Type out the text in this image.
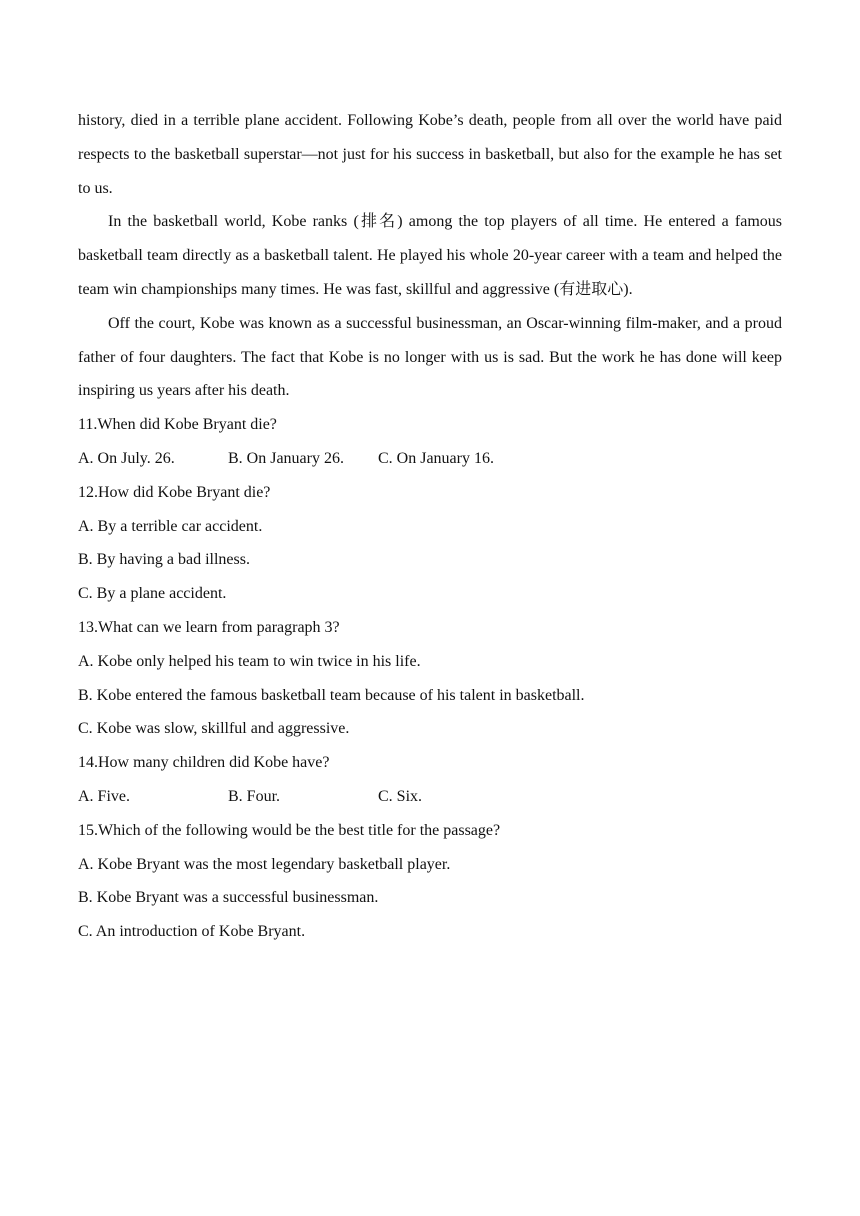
history, died in a terrible plane accident. Following Kobe’s death, people from all over the world have paid respects to the basketball superstar—not just for his success in basketball, but also for the example he has set to us.

In the basketball world, Kobe ranks (排名) among the top players of all time. He entered a famous basketball team directly as a basketball talent. He played his whole 20-year career with a team and helped the team win championships many times. He was fast, skillful and aggressive (有进取心).

Off the court, Kobe was known as a successful businessman, an Oscar-winning film-maker, and a proud father of four daughters. The fact that Kobe is no longer with us is sad. But the work he has done will keep inspiring us years after his death.

11.When did Kobe Bryant die?

A. On July. 26.	B. On January 26.	C. On January 16.

12.How did Kobe Bryant die?

A. By a terrible car accident.

B. By having a bad illness.

C. By a plane accident.

13.What can we learn from paragraph 3?

A. Kobe only helped his team to win twice in his life.

B. Kobe entered the famous basketball team because of his talent in basketball.

C. Kobe was slow, skillful and aggressive.

14.How many children did Kobe have?

A. Five.	B. Four.	C. Six.

15.Which of the following would be the best title for the passage?

A. Kobe Bryant was the most legendary basketball player.

B. Kobe Bryant was a successful businessman.

C. An introduction of Kobe Bryant.
